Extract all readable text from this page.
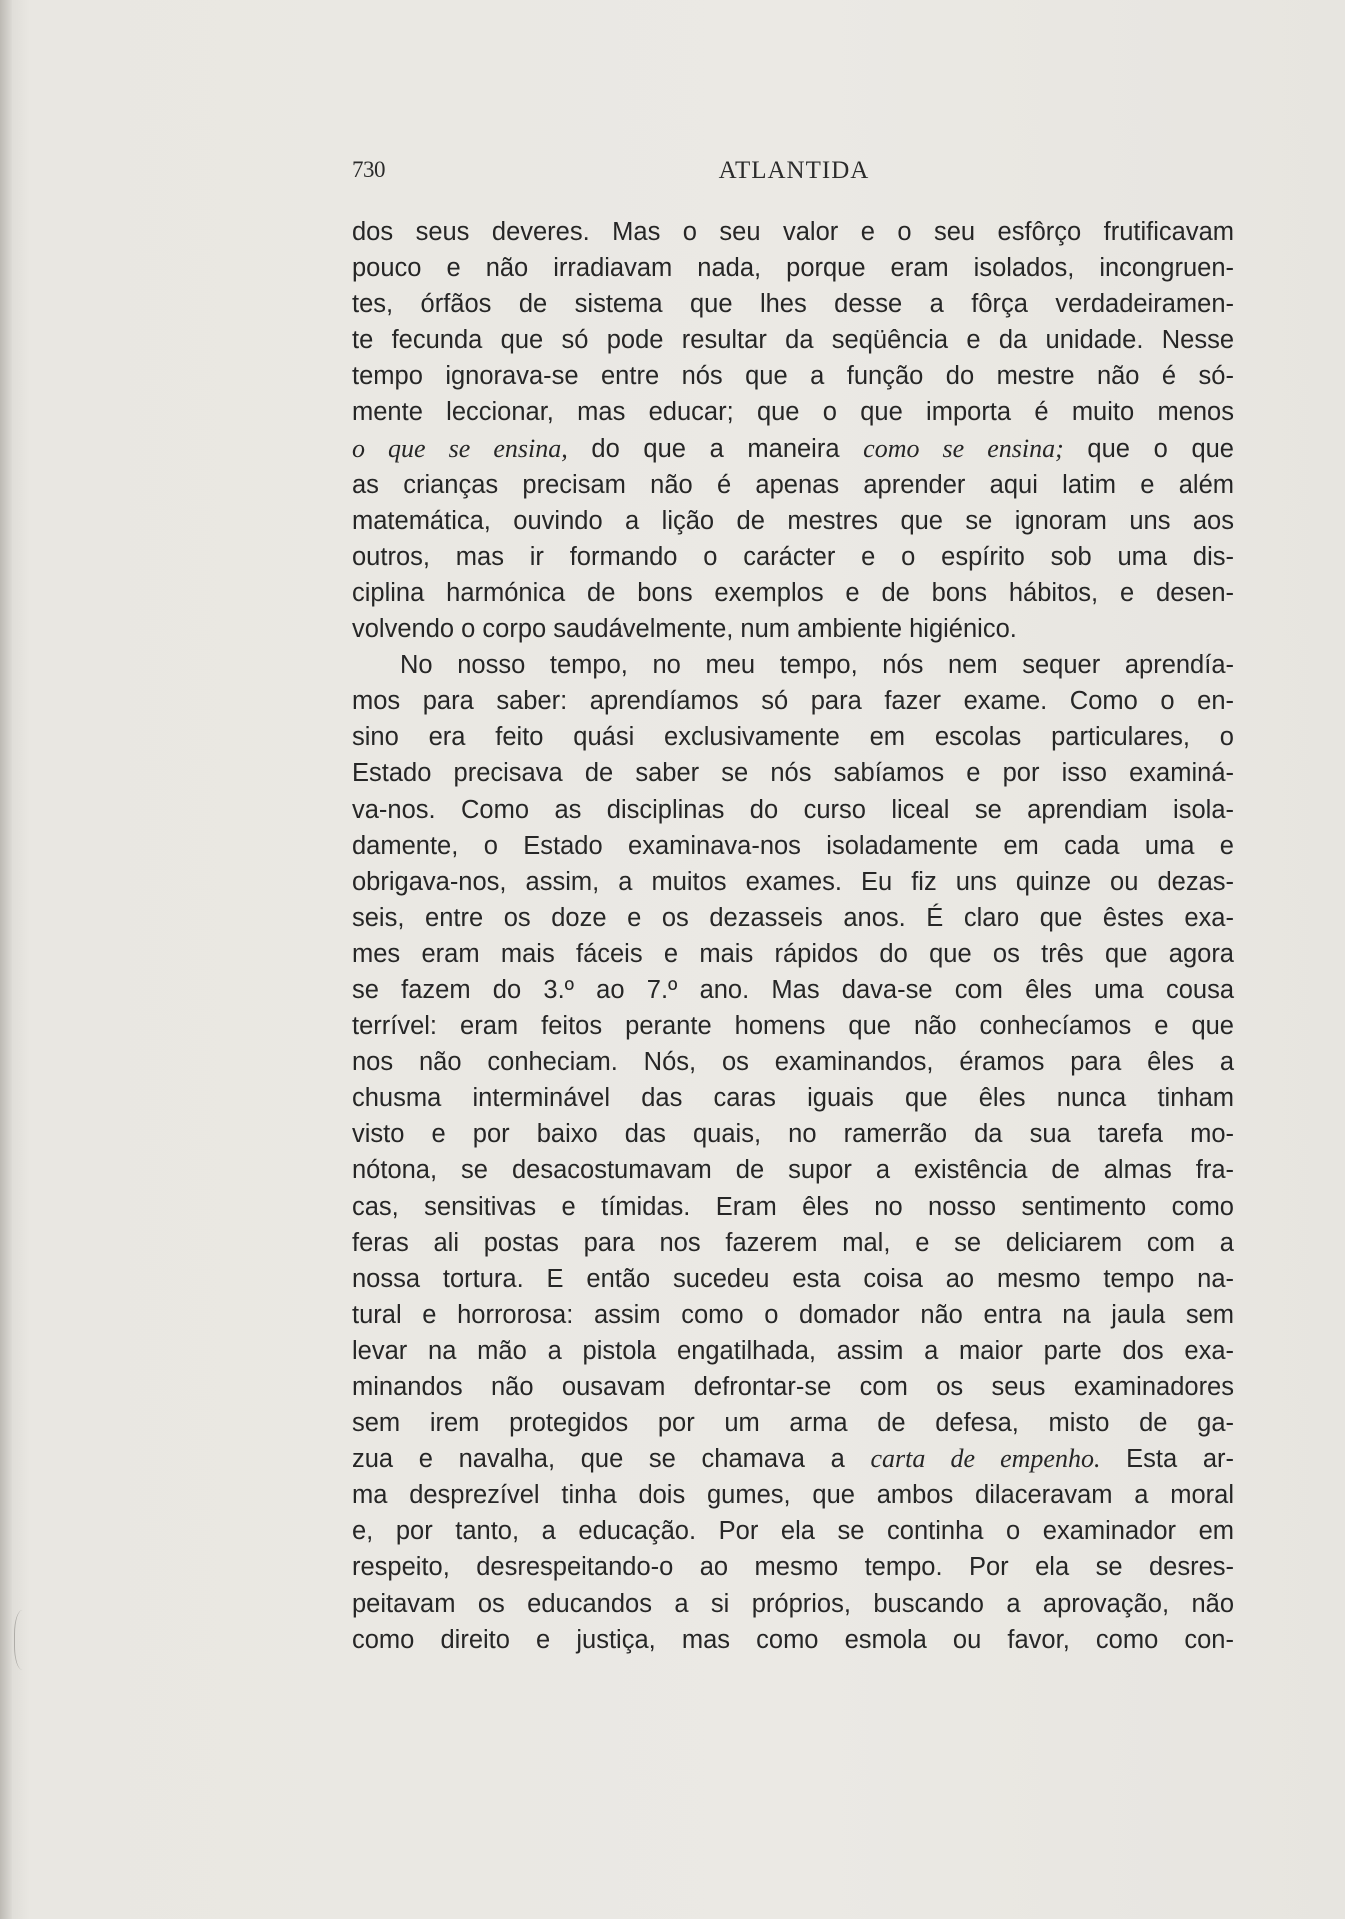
730	ATLANTIDA
dos seus deveres. Mas o seu valor e o seu esfôrço frutificavam
pouco e não irradiavam nada, porque eram isolados, incongruen-
tes, órfãos de sistema que lhes desse a fôrça verdadeiramen-
te fecunda que só pode resultar da seqüência e da unidade. Nesse
tempo ignorava-se entre nós que a função do mestre não é só-
mente leccionar, mas educar; que o que importa é muito menos
o que se ensina, do que a maneira como se ensina; que o que
as crianças precisam não é apenas aprender aqui latim e além
matemática, ouvindo a lição de mestres que se ignoram uns aos
outros, mas ir formando o carácter e o espírito sob uma dis-
ciplina harmónica de bons exemplos e de bons hábitos, e desen-
volvendo o corpo saudávelmente, num ambiente higiénico.
No nosso tempo, no meu tempo, nós nem sequer aprendía-
mos para saber: aprendíamos só para fazer exame. Como o en-
sino era feito quási exclusivamente em escolas particulares, o
Estado precisava de saber se nós sabíamos e por isso examiná-
va-nos. Como as disciplinas do curso liceal se aprendiam isola-
damente, o Estado examinava-nos isoladamente em cada uma e
obrigava-nos, assim, a muitos exames. Eu fiz uns quinze ou dezas-
seis, entre os doze e os dezasseis anos. É claro que êstes exa-
mes eram mais fáceis e mais rápidos do que os três que agora
se fazem do 3.º ao 7.º ano. Mas dava-se com êles uma cousa
terrível: eram feitos perante homens que não conhecíamos e que
nos não conheciam. Nós, os examinandos, éramos para êles a
chusma interminável das caras iguais que êles nunca tinham
visto e por baixo das quais, no ramerrão da sua tarefa mo-
nótona, se desacostumavam de supor a existência de almas fra-
cas, sensitivas e tímidas. Eram êles no nosso sentimento como
feras ali postas para nos fazerem mal, e se deliciarem com a
nossa tortura. E então sucedeu esta coisa ao mesmo tempo na-
tural e horrorosa: assim como o domador não entra na jaula sem
levar na mão a pistola engatilhada, assim a maior parte dos exa-
minandos não ousavam defrontar-se com os seus examinadores
sem irem protegidos por um arma de defesa, misto de ga-
zua e navalha, que se chamava a carta de empenho. Esta ar-
ma desprezível tinha dois gumes, que ambos dilaceravam a moral
e, por tanto, a educação. Por ela se continha o examinador em
respeito, desrespeitando-o ao mesmo tempo. Por ela se desres-
peitavam os educandos a si próprios, buscando a aprovação, não
como direito e justiça, mas como esmola ou favor, como con-
